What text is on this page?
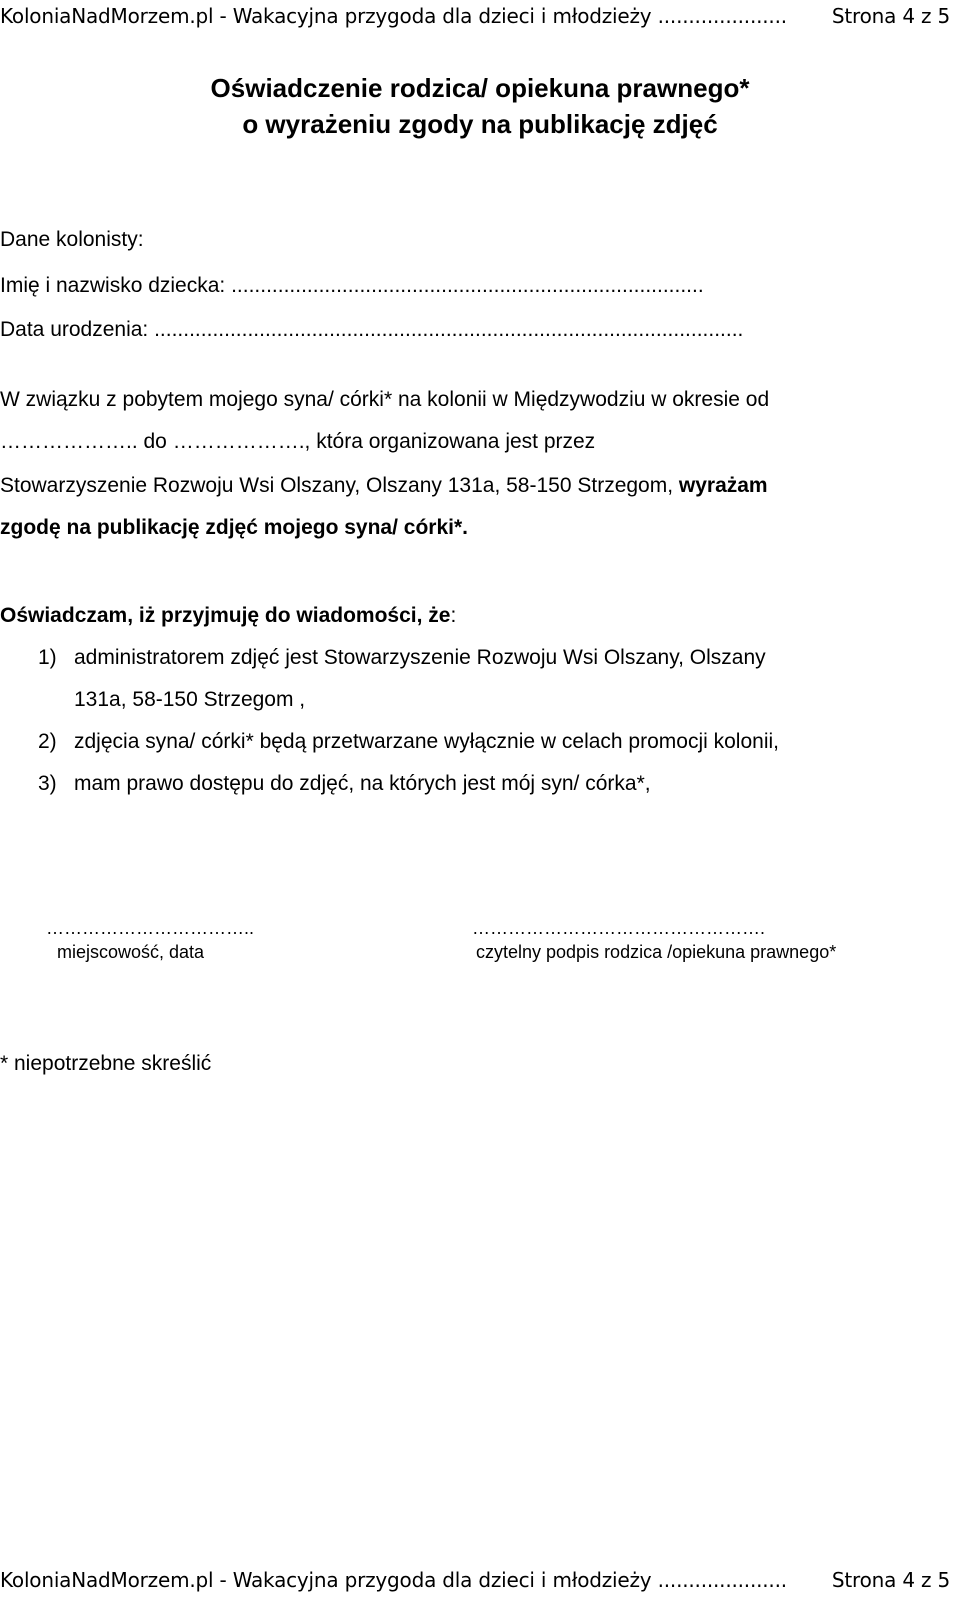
KoloniaNadMorzem.pl - Wakacyjna przygoda dla dzieci i młodzieży ..................... Strona 4 z 5
Oświadczenie rodzica/ opiekuna prawnego*
o wyrażeniu zgody na publikację zdjęć
Dane kolonisty:
Imię i nazwisko dziecka: .................................................................................
Data urodzenia: .....................................................................................................
W związku z pobytem mojego syna/ córki* na kolonii w Międzywodziu w okresie od
……………….. do ………………., która organizowana jest przez
Stowarzyszenie Rozwoju Wsi Olszany, Olszany 131a, 58-150 Strzegom, wyrażam
zgodę na publikację zdjęć mojego syna/ córki*.
Oświadczam, iż przyjmuję do wiadomości, że:
1) administratorem zdjęć jest Stowarzyszenie Rozwoju Wsi Olszany, Olszany
131a, 58-150 Strzegom ,
2) zdjęcia syna/ córki* będą przetwarzane wyłącznie w celach promocji kolonii,
3) mam prawo dostępu do zdjęć, na których jest mój syn/ córka*,
……………………………..
miejscowość, data
………………………………………….
czytelny podpis rodzica /opiekuna prawnego*
* niepotrzebne skreślić
KoloniaNadMorzem.pl - Wakacyjna przygoda dla dzieci i młodzieży ..................... Strona 4 z 5
